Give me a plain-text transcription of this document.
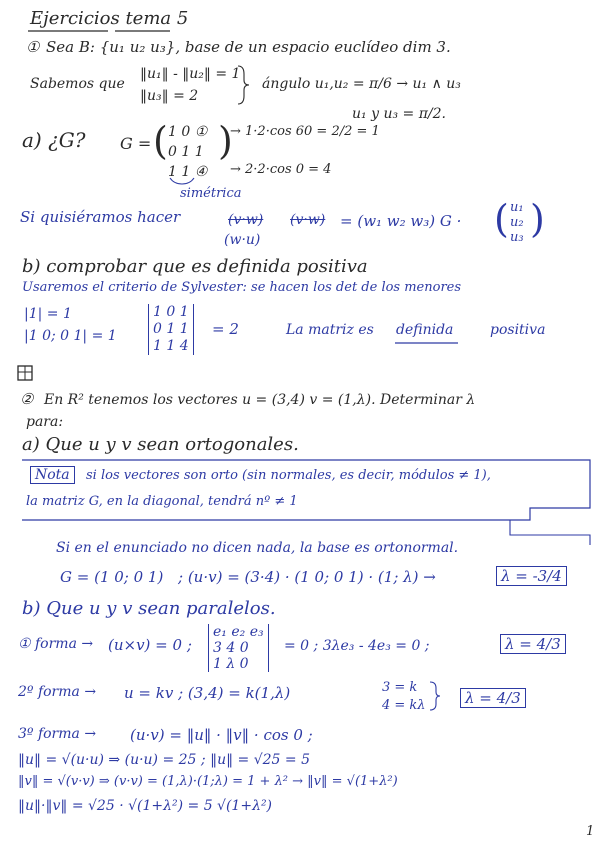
Ejercicios tema 5
① Sea B: {u₁ u₂ u₃}, base de un espacio euclídeo dim 3.
Sabemos que
‖u₁‖ - ‖u₂‖ = 1
‖u₃‖ = 2
ángulo u₁,u₂ = π/6 → u₁ ∧ u₃
u₁ y u₃ = π/2.
a) ¿G? G = ( 1 0 ①
0 1 1
1 1 ④
)
→ 1·2·cos 60 = 2/2 = 1
→ 2·2·cos 0 = 4
simétrica
Si quisiéramos hacer	(v·w) (v·w)
(w·u)
= (w₁ w₂ w₃) G · ( u₁
u₂
u₃ )
b) comprobar que es definida positiva
Usaremos el criterio de Sylvester: se hacen los det de los menores
|1| = 1
|1 0; 0 1| = 1
1 0 1
0 1 1
1 1 4
= 2	La matriz es definida	positiva
② En R² tenemos los vectores u = (3,4) v = (1,λ). Determinar λ
para:
a) Que u y v sean ortogonales.
Nota	si los vectores son orto (sin normales, es decir, módulos ≠ 1),
la matriz G, en la diagonal, tendrá nº ≠ 1
Si en el enunciado no dicen nada, la base es ortonormal.
G = (1 0; 0 1) ; (u·v) = (3·4) · (1 0; 0 1) · (1; λ) →	λ = -3/4
b) Que u y v sean paralelos.
① forma → (u×v) = 0 ;
e₁ e₂ e₃
3 4 0
1 λ 0
= 0 ; 3λe₃ - 4e₃ = 0 ;	λ = 4/3
2º forma → u = kv ; (3,4) = k(1,λ)	3 = k
4 = kλ	λ = 4/3
3º forma → (u·v) = ‖u‖ · ‖v‖ · cos 0 ;
‖u‖ = √(u·u) ⇒ (u·u) = 25 ; ‖u‖ = √25 = 5
‖v‖ = √(v·v) ⇒ (v·v) = (1,λ)·(1;λ) = 1 + λ² → ‖v‖ = √(1+λ²)
‖u‖·‖v‖ = √25 · √(1+λ²) = 5 √(1+λ²)
1
